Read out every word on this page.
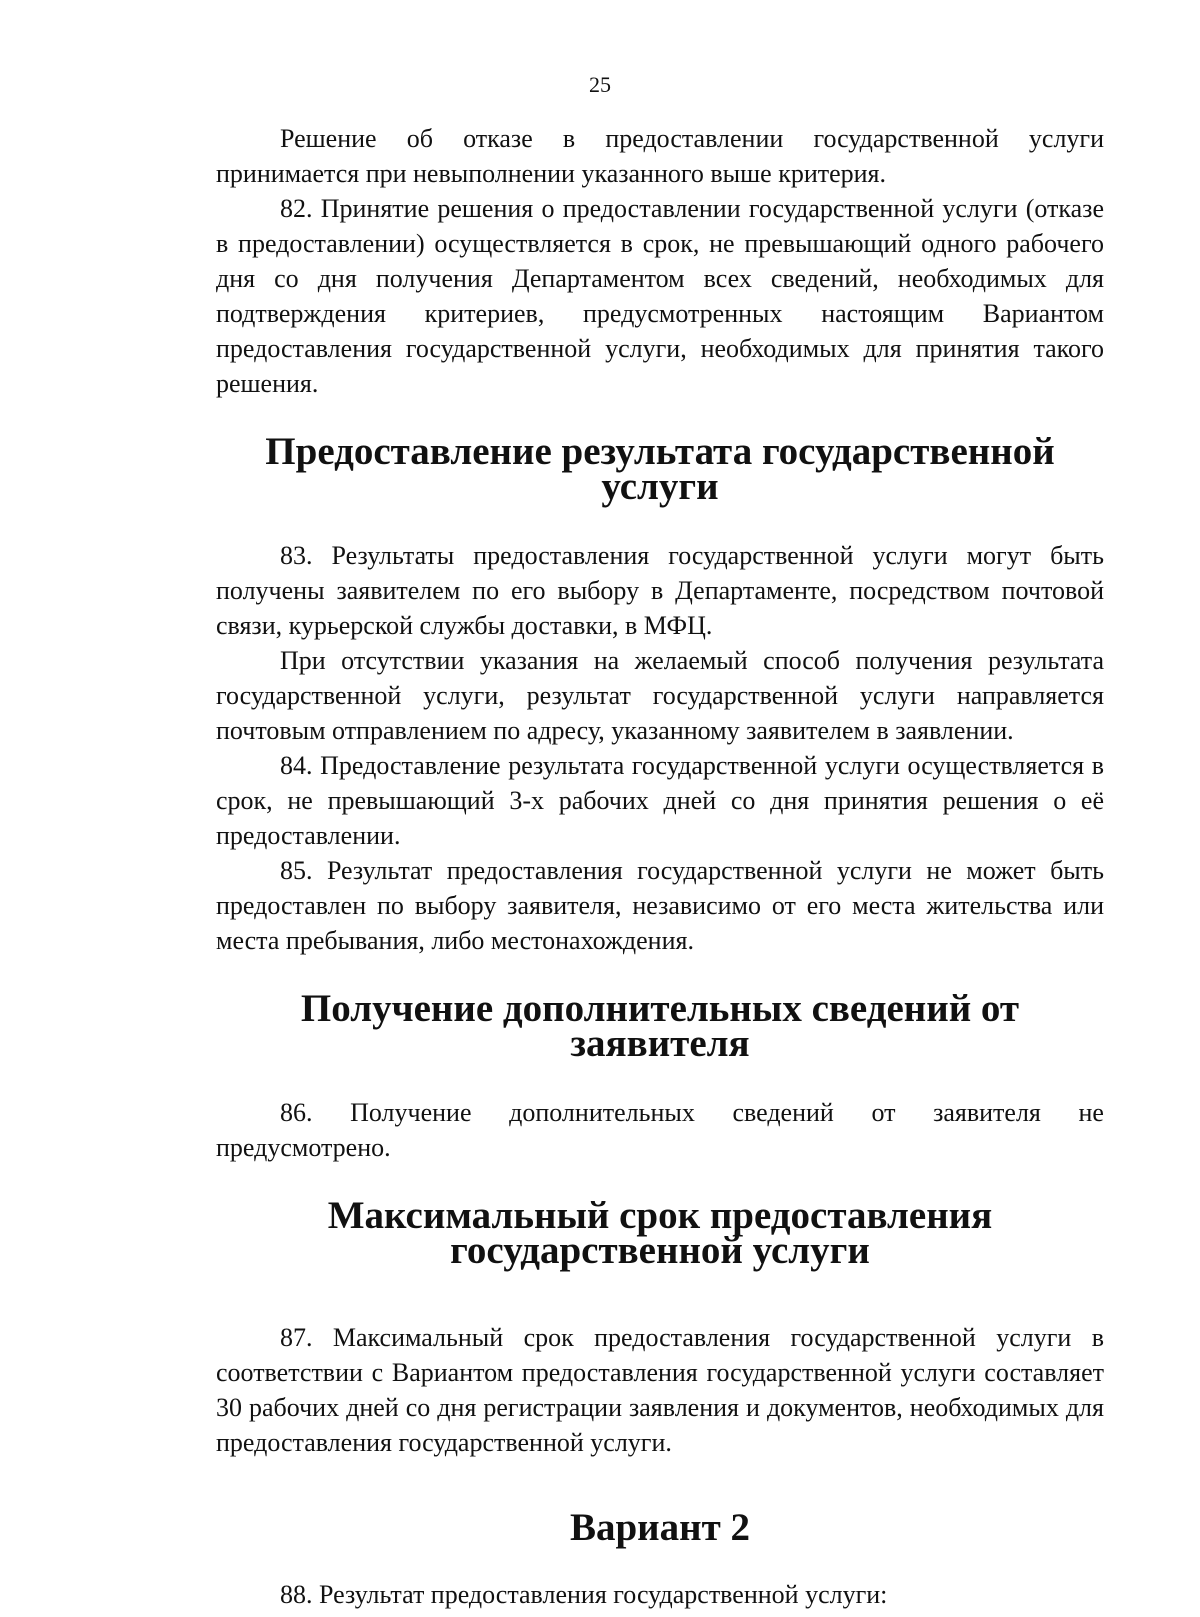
25

Решение об отказе в предоставлении государственной услуги принимается при невыполнении указанного выше критерия.

82. Принятие решения о предоставлении государственной услуги (отказе в предоставлении) осуществляется в срок, не превышающий одного рабочего дня со дня получения Департаментом всех сведений, необходимых для подтверждения критериев, предусмотренных настоящим Вариантом предоставления государственной услуги, необходимых для принятия такого решения.

Предоставление результата государственной услуги

83. Результаты предоставления государственной услуги могут быть получены заявителем по его выбору в Департаменте, посредством почтовой связи, курьерской службы доставки, в МФЦ.

При отсутствии указания на желаемый способ получения результата государственной услуги, результат государственной услуги направляется почтовым отправлением по адресу, указанному заявителем в заявлении.

84. Предоставление результата государственной услуги осуществляется в срок, не превышающий 3-х рабочих дней со дня принятия решения о её предоставлении.

85. Результат предоставления государственной услуги не может быть предоставлен по выбору заявителя, независимо от его места жительства или места пребывания, либо местонахождения.

Получение дополнительных сведений от заявителя
86. Получение дополнительных сведений от заявителя не

предусмотрено.

Максимальный срок предоставления государственной услуги

87. Максимальный срок предоставления государственной услуги в соответствии с Вариантом предоставления государственной услуги составляет 30 рабочих дней со дня регистрации заявления и документов, необходимых для предоставления государственной услуги.

Вариант 2

88. Результат предоставления государственной услуги:
